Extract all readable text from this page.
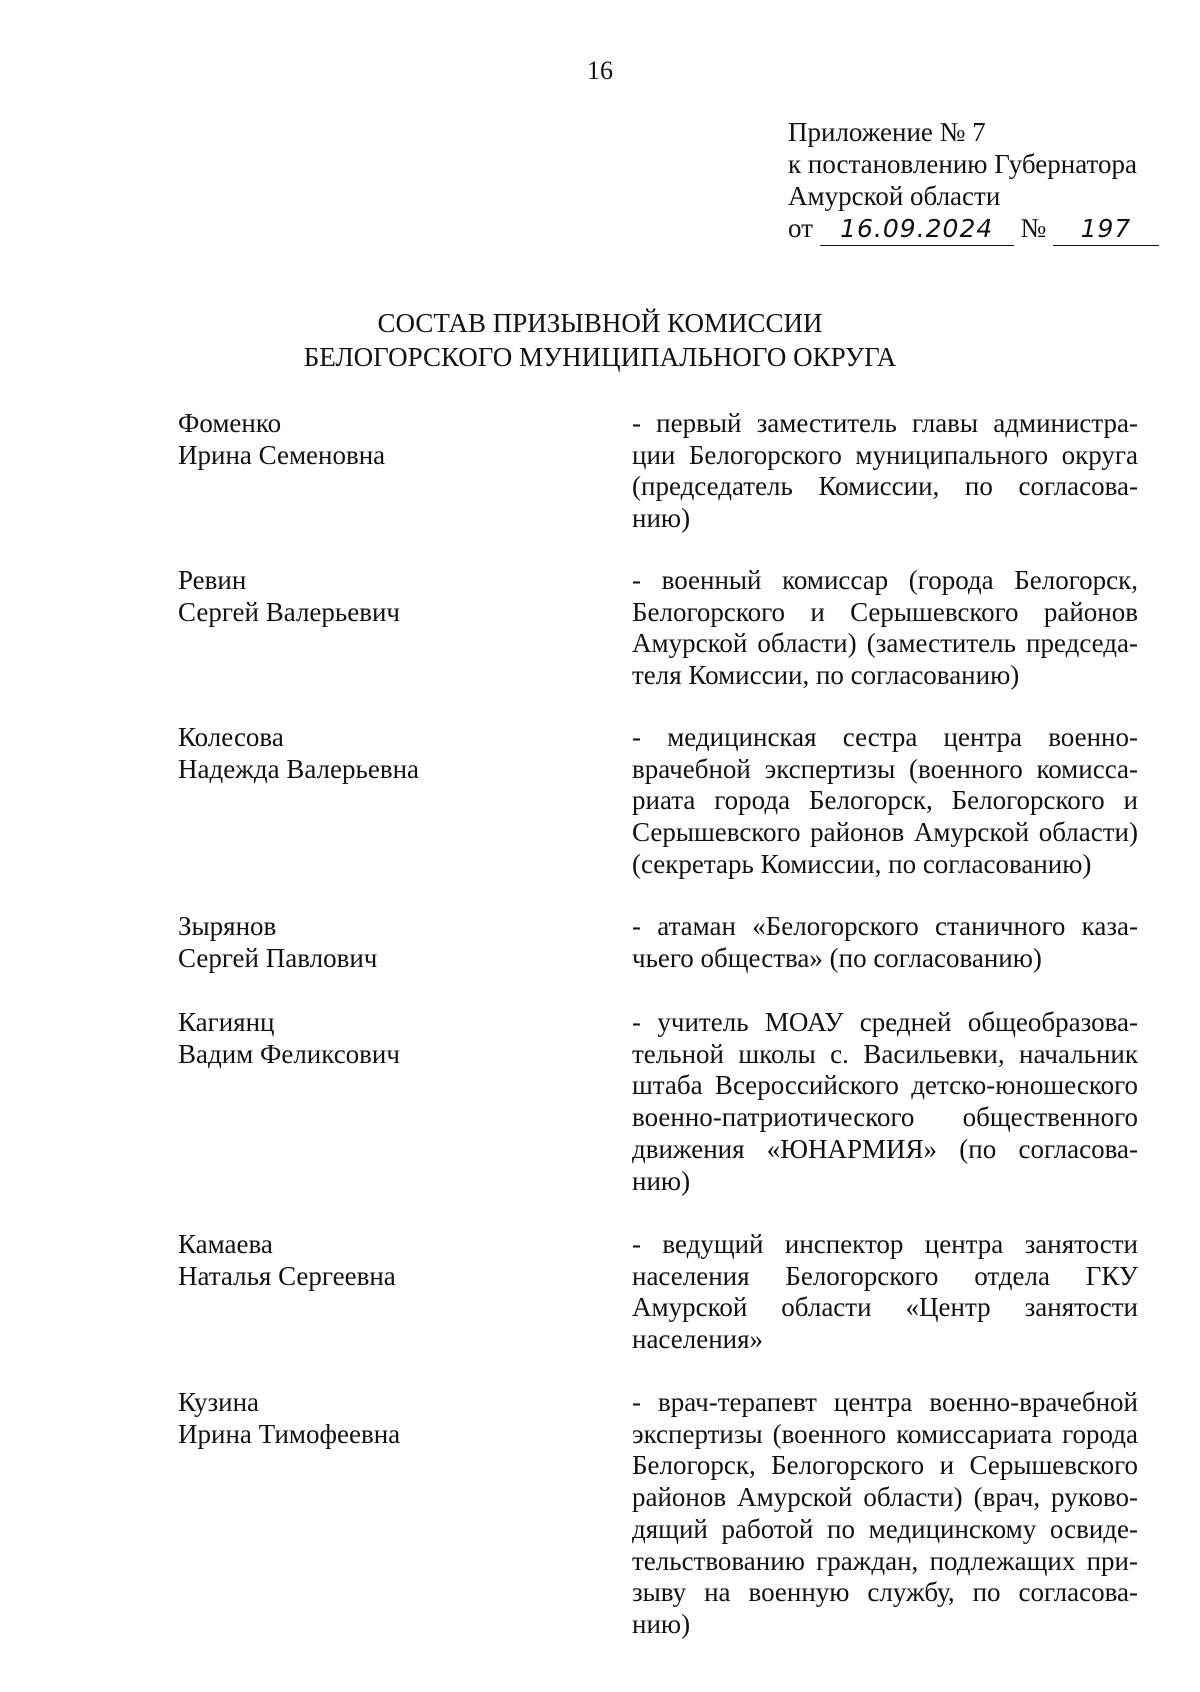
16
Приложение № 7
к постановлению Губернатора
Амурской области
от 16.09.2024 № 197
СОСТАВ ПРИЗЫВНОЙ КОМИССИИ
БЕЛОГОРСКОГО МУНИЦИПАЛЬНОГО ОКРУГА
Фоменко
Ирина Семеновна
- первый заместитель главы администра-ции Белогорского муниципального округа (председатель Комиссии, по согласова-нию)
Ревин
Сергей Валерьевич
- военный комиссар (города Белогорск, Белогорского и Серышевского районов Амурской области) (заместитель председа-теля Комиссии, по согласованию)
Колесова
Надежда Валерьевна
- медицинская сестра центра военно-врачебной экспертизы (военного комисса-риата города Белогорск, Белогорского и Серышевского районов Амурской области) (секретарь Комиссии, по согласованию)
Зырянов
Сергей Павлович
- атаман «Белогорского станичного каза-чьего общества» (по согласованию)
Кагиянц
Вадим Феликсович
- учитель МОАУ средней общеобразова-тельной школы с. Васильевки, начальник штаба Всероссийского детско-юношеского военно-патриотического общественного движения «ЮНАРМИЯ» (по согласова-нию)
Камаева
Наталья Сергеевна
- ведущий инспектор центра занятости населения Белогорского отдела ГКУ Амурской области «Центр занятости населения»
Кузина
Ирина Тимофеевна
- врач-терапевт центра военно-врачебной экспертизы (военного комиссариата города Белогорск, Белогорского и Серышевского районов Амурской области) (врач, руково-дящий работой по медицинскому освиде-тельствованию граждан, подлежащих при-зыву на военную службу, по согласова-нию)
